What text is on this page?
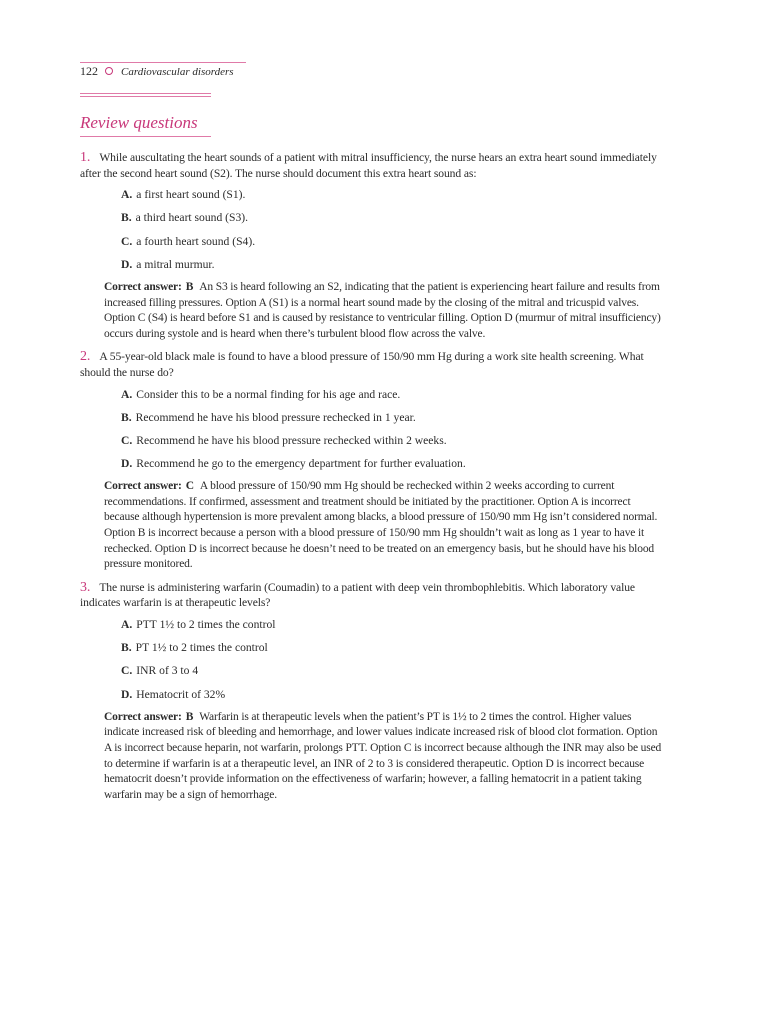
122 Cardiovascular disorders
Review questions
1. While auscultating the heart sounds of a patient with mitral insufficiency, the nurse hears an extra heart sound immediately after the second heart sound (S2). The nurse should document this extra heart sound as:
A. a first heart sound (S1).
B. a third heart sound (S3).
C. a fourth heart sound (S4).
D. a mitral murmur.
Correct answer: B An S3 is heard following an S2, indicating that the patient is experiencing heart failure and results from increased filling pressures. Option A (S1) is a normal heart sound made by the closing of the mitral and tricuspid valves. Option C (S4) is heard before S1 and is caused by resistance to ventricular filling. Option D (murmur of mitral insufficiency) occurs during systole and is heard when there’s turbulent blood flow across the valve.
2. A 55-year-old black male is found to have a blood pressure of 150/90 mm Hg during a work site health screening. What should the nurse do?
A. Consider this to be a normal finding for his age and race.
B. Recommend he have his blood pressure rechecked in 1 year.
C. Recommend he have his blood pressure rechecked within 2 weeks.
D. Recommend he go to the emergency department for further evaluation.
Correct answer: C A blood pressure of 150/90 mm Hg should be rechecked within 2 weeks according to current recommendations. If confirmed, assessment and treatment should be initiated by the practitioner. Option A is incorrect because although hypertension is more prevalent among blacks, a blood pressure of 150/90 mm Hg isn’t considered normal. Option B is incorrect because a person with a blood pressure of 150/90 mm Hg shouldn’t wait as long as 1 year to have it rechecked. Option D is incorrect because he doesn’t need to be treated on an emergency basis, but he should have his blood pressure monitored.
3. The nurse is administering warfarin (Coumadin) to a patient with deep vein thrombophlebitis. Which laboratory value indicates warfarin is at therapeutic levels?
A. PTT 1½ to 2 times the control
B. PT 1½ to 2 times the control
C. INR of 3 to 4
D. Hematocrit of 32%
Correct answer: B Warfarin is at therapeutic levels when the patient’s PT is 1½ to 2 times the control. Higher values indicate increased risk of bleeding and hemorrhage, and lower values indicate increased risk of blood clot formation. Option A is incorrect because heparin, not warfarin, prolongs PTT. Option C is incorrect because although the INR may also be used to determine if warfarin is at a therapeutic level, an INR of 2 to 3 is considered therapeutic. Option D is incorrect because hematocrit doesn’t provide information on the effectiveness of warfarin; however, a falling hematocrit in a patient taking warfarin may be a sign of hemorrhage.
